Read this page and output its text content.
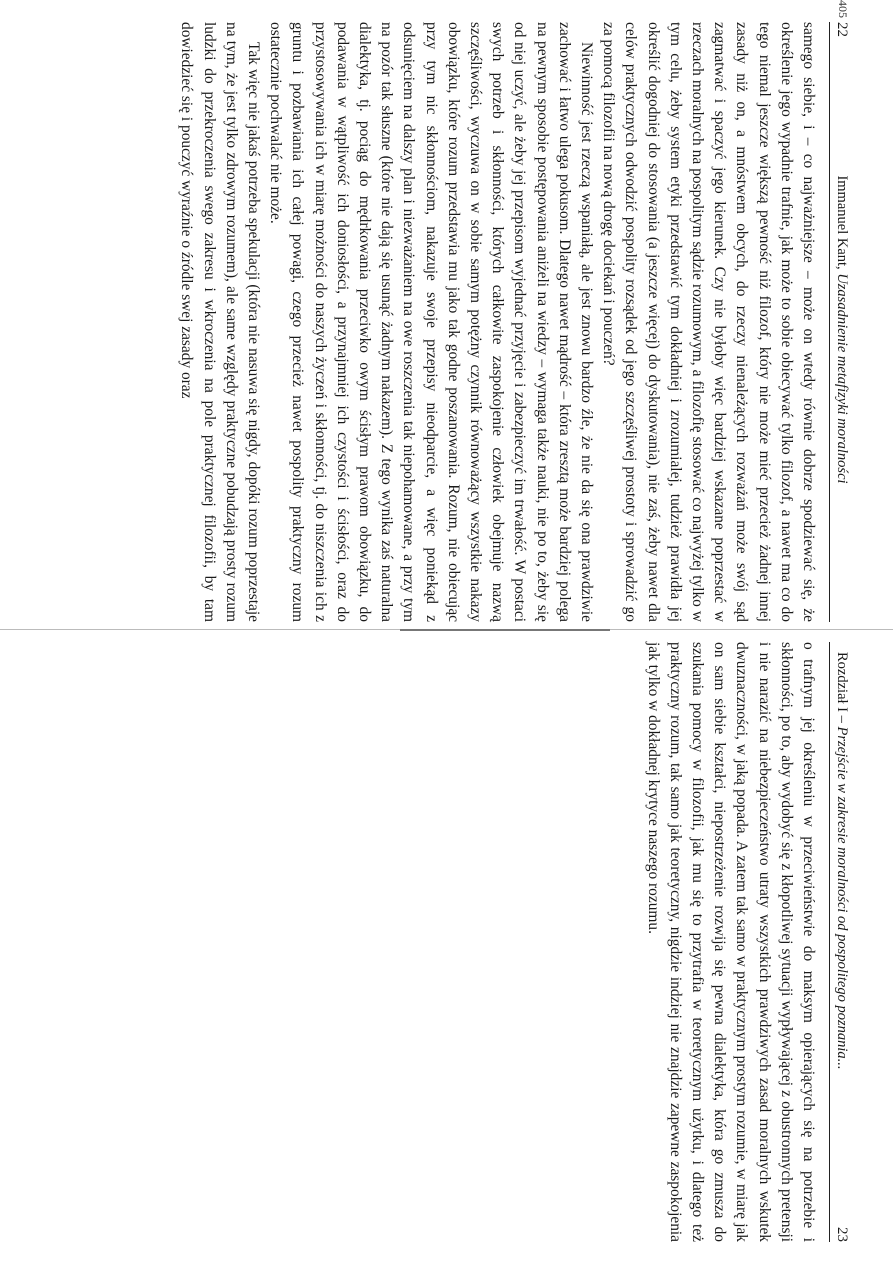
22
Immanuel Kant, Uzasadnienie metafizyki moralności
405

samego siebie, i – co najważniejsze – może on wtedy równie dobrze spodziewać się, że określenie jego wypadnie trafnie, jak może to sobie obiecywać tylko filozof, a nawet ma co do tego niemal jeszcze większą pewność niż filozof, który nie może mieć przecież żadnej innej zasady niż on, a mnóstwem obcych, do rzeczy nienależących rozważań może swój sąd zagmatwać i spaczyć jego kierunek. Czy nie byłoby więc bardziej wskazane poprzestać w rzeczach moralnych na pospolitym sądzie rozumowym, a filozofię stosować co najwyżej tylko w tym celu, żeby system etyki przedstawić tym dokładniej i zrozumialej, tudzież prawidła jej określić dogodniej do stosowania (a jeszcze więcej) do dyskutowania), nie zaś, żeby nawet dla celów praktycznych odwodzić pospolity rozsądek od jego szczęśliwej prostoty i sprowadzić go za pomocą filozofii na nową drogę dociekań i pouczeń?

Niewinność jest rzeczą wspaniałą, ale jest znowu bardzo źle, że nie da się ona prawdziwie zachować i łatwo ulega pokusom. Dlatego nawet mądrość – która zresztą może bardziej polega na pewnym sposobie postępowania aniżeli na wiedzy – wymaga także nauki, nie po to, żeby się od niej uczyć, ale żeby jej przepisom wyjednać przyjęcie i zabezpieczyć im trwałość. W postaci swych potrzeb i skłonności, których całkowite zaspokojenie człowiek obejmuje nazwą szczęśliwości, wyczuwa on w sobie samym potężny czynnik równoważący wszystkie nakazy obowiązku, które rozum przedstawia mu jako tak godne poszanowania. Rozum, nie obiecując przy tym nic skłonnościom, nakazuje swoje przepisy nieodparcie, a więc poniekąd z odsunięciem na dalszy plan i niezważaniem na owe roszczenia tak niepohamowane, a przy tym na pozór tak słuszne (które nie dają się usunąć żadnym nakazem). Z tego wynika zaś naturalna dialektyka, tj. pociąg do mędrkowania przeciwko owym ścisłym prawom obowiązku, do podawania w wątpliwość ich doniosłości, a przynajmniej ich czystości i ścisłości, oraz do przystosowywania ich w miarę możności do naszych życzeń i skłonności, tj. do niszczenia ich z gruntu i pozbawiania ich całej powagi, czego przecież nawet pospolity praktyczny rozum ostatecznie pochwalać nie może.

Tak więc nie jakaś potrzeba spekulacji (która nie nasuwa się nigdy, dopóki rozum poprzestaje na tym, że jest tylko zdrowym rozumem), ale same względy praktyczne pobudzają prosty rozum ludzki do przekroczenia swego zakresu i wkroczenia na pole praktycznej filozofii, by tam dowiedzieć się i pouczyć wyraźnie o źródle swej zasady oraz

Rozdział I – Przejście w zakresie moralności od pospolitego poznania...
23

o trafnym jej określeniu w przeciwieństwie do maksym opierających się na potrzebie i skłonności, po to, aby wydobyć się z kłopotliwej sytuacji wypływającej z obustronnych pretensji i nie narazić na niebezpieczeństwo utraty wszystkich prawdziwych zasad moralnych wskutek dwuznaczności, w jaką popada. A zatem tak samo w praktycznym prostym rozumie, w miarę jak on sam siebie kształci, niepostrzeżenie rozwija się pewna dialektyka, która go zmusza do szukania pomocy w filozofii, jak mu się to przytrafia w teoretycznym użytku, i dlatego też praktyczny rozum, tak samo jak teoretyczny, nigdzie indziej nie znajdzie zapewne zaspokojenia jak tylko w dokładnej krytyce naszego rozumu.
